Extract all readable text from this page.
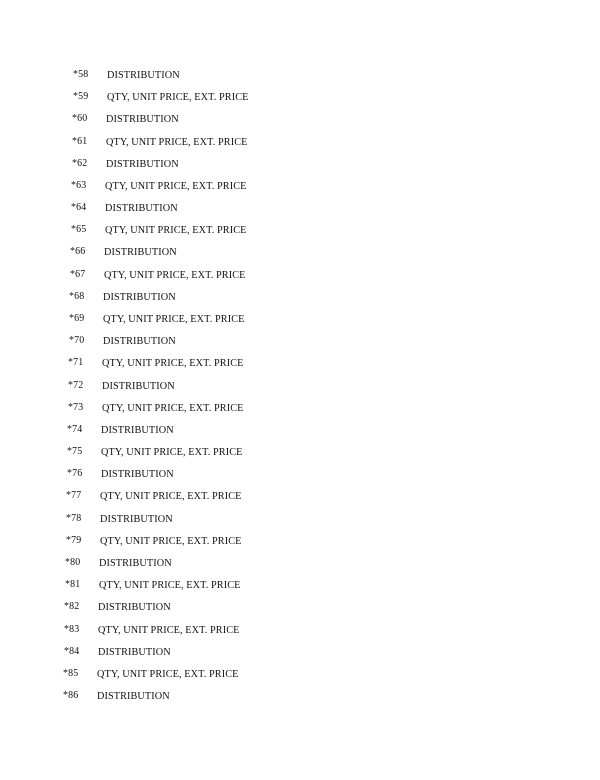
*58 DISTRIBUTION
*59 QTY, UNIT PRICE, EXT. PRICE
*60 DISTRIBUTION
*61 QTY, UNIT PRICE, EXT. PRICE
*62 DISTRIBUTION
*63 QTY, UNIT PRICE, EXT. PRICE
*64 DISTRIBUTION
*65 QTY, UNIT PRICE, EXT. PRICE
*66 DISTRIBUTION
*67 QTY, UNIT PRICE, EXT. PRICE
*68 DISTRIBUTION
*69 QTY, UNIT PRICE, EXT. PRICE
*70 DISTRIBUTION
*71 QTY, UNIT PRICE, EXT. PRICE
*72 DISTRIBUTION
*73 QTY, UNIT PRICE, EXT. PRICE
*74 DISTRIBUTION
*75 QTY, UNIT PRICE, EXT. PRICE
*76 DISTRIBUTION
*77 QTY, UNIT PRICE, EXT. PRICE
*78 DISTRIBUTION
*79 QTY, UNIT PRICE, EXT. PRICE
*80 DISTRIBUTION
*81 QTY, UNIT PRICE, EXT. PRICE
*82 DISTRIBUTION
*83 QTY, UNIT PRICE, EXT. PRICE
*84 DISTRIBUTION
*85 QTY, UNIT PRICE, EXT. PRICE
*86 DISTRIBUTION
